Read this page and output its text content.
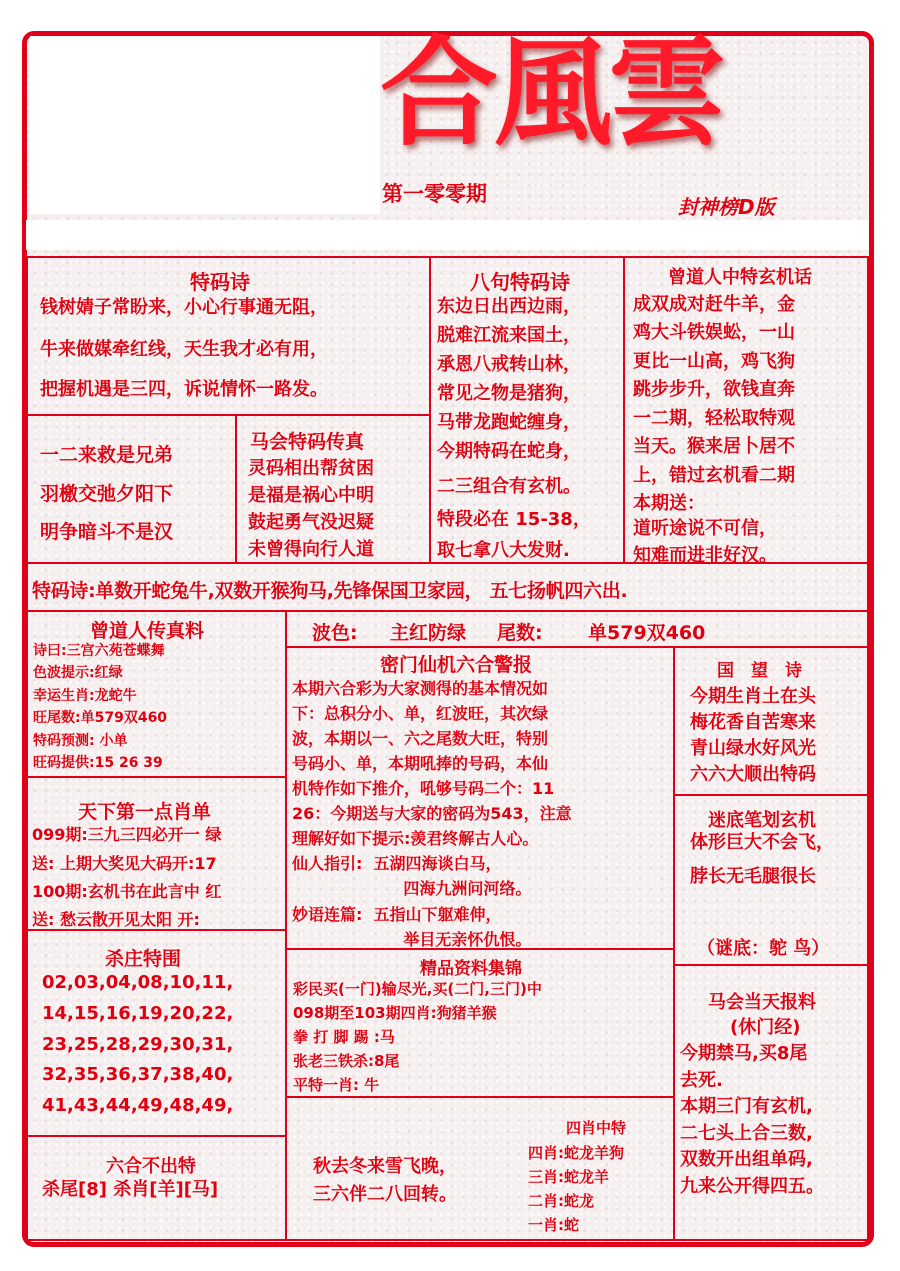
合風雲
第一零零期
封神榜D版
特码诗
钱树婧子常盼来，小心行事通无阻，
牛来做媒牵红线，天生我才必有用，
把握机遇是三四，诉说情怀一路发。
一二来救是兄弟
羽檄交弛夕阳下
明争暗斗不是汉
马会特码传真
灵码相出帮贫困
是福是祸心中明
鼓起勇气没迟疑
未曾得向行人道
八句特码诗
东边日出西边雨，
脱难江流来国土，
承恩八戒转山林，
常见之物是猪狗，
马带龙跑蛇缠身，
今期特码在蛇身，
二三组合有玄机。
特段必在 15-38，
取七拿八大发财.
曾道人中特玄机话
成双成对赶牛羊，金
鸡大斗铁娱蚣，一山
更比一山高，鸡飞狗
跳步步升，欲钱直奔
一二期，轻松取特观
当天。猴来居卜居不
上，错过玄机看二期
本期送：
道听途说不可信，
知难而进非好汉。
特码诗:单数开蛇兔牛,双数开猴狗马,先锋保国卫家园， 五七扬帆四六出.
曾道人传真料
诗曰:三宫六苑苍蝶舞
色波提示:红绿
幸运生肖:龙蛇牛
旺尾数:单579双460
特码预测: 小单
旺码提供:15 26 39
天下第一点肖单
099期:三九三四必开一 绿
送: 上期大奖见大码开:17
100期:玄机书在此言中 红
送: 愁云散开见太阳 开:
杀庄特围
02,03,04,08,10,11,
14,15,16,19,20,22,
23,25,28,29,30,31,
32,35,36,37,38,40,
41,43,44,49,48,49,
六合不出特
杀尾[8] 杀肖[羊][马]
波色: 主红防绿 尾数: 单579双460
密门仙机六合警报
本期六合彩为大家测得的基本情况如
下：总积分小、单，红波旺，其次绿
波，本期以一、六之尾数大旺，特别
号码小、单，本期吼捧的号码，本仙
机特作如下推介，吼够号码二个：11
26：今期送与大家的密码为543，注意
理解好如下提示:羡君终解古人心。
仙人指引:  五湖四海谈白马，
四海九洲问河络。
妙语连篇:  五指山下躯难伸，
举目无亲怀仇恨。
精品资料集锦
彩民买(一门)输尽光,买(二门,三门)中
098期至103期四肖:狗猪羊猴
拳 打 脚 踢 :马
张老三铁杀:8尾
平特一肖: 牛
秋去冬来雪飞晚，
三六伴二八回转。
四肖中特
四肖:蛇龙羊狗
三肖:蛇龙羊
二肖:蛇龙
一肖:蛇
国　望　诗
今期生肖土在头
梅花香自苦寒来
青山绿水好风光
六六大顺出特码
迷底笔划玄机
体形巨大不会飞，
脖长无毛腿很长
（谜底：鸵 鸟）
马会当天报料
(休门经)
今期禁马,买8尾
去死.
本期三门有玄机,
二七头上合三数,
双数开出组单码,
九来公开得四五。
